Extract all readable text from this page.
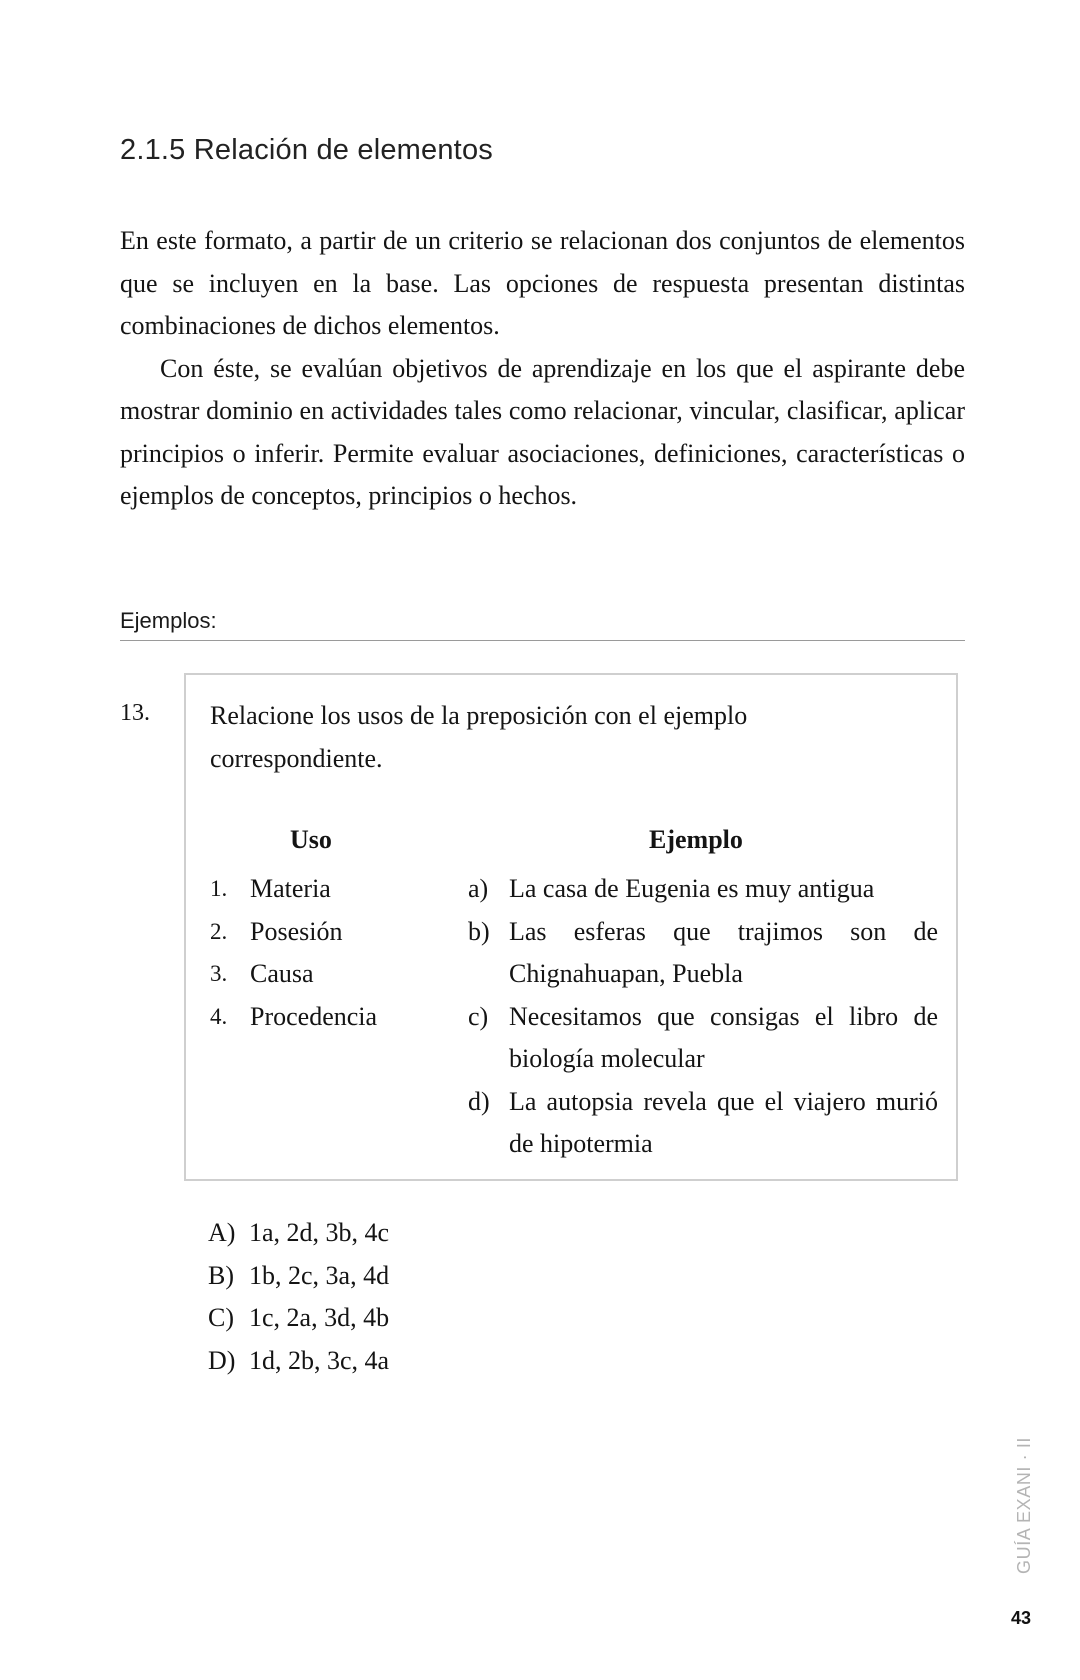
2.1.5 Relación de elementos

En este formato, a partir de un criterio se relacionan dos conjuntos de elementos que se incluyen en la base. Las opciones de respuesta presentan distintas combinaciones de dichos elementos.

Con éste, se evalúan objetivos de aprendizaje en los que el aspirante debe mostrar dominio en actividades tales como relacionar, vincular, clasificar, aplicar principios o inferir. Permite evaluar asociaciones, definiciones, características o ejemplos de conceptos, principios o hechos.

Ejemplos:
13. Relacione los usos de la preposición con el ejemplo correspondiente.
Uso	Ejemplo
1. Materia
2. Posesión
3. Causa
4. Procedencia
a) La casa de Eugenia es muy antigua
b) Las esferas que trajimos son de Chignahuapan, Puebla
c) Necesitamos que consigas el libro de biología molecular
d) La autopsia revela que el viajero murió de hipotermia
A) 1a, 2d, 3b, 4c
B) 1b, 2c, 3a, 4d
C) 1c, 2a, 3d, 4b
D) 1d, 2b, 3c, 4a
GUÍA EXANI · II
43
